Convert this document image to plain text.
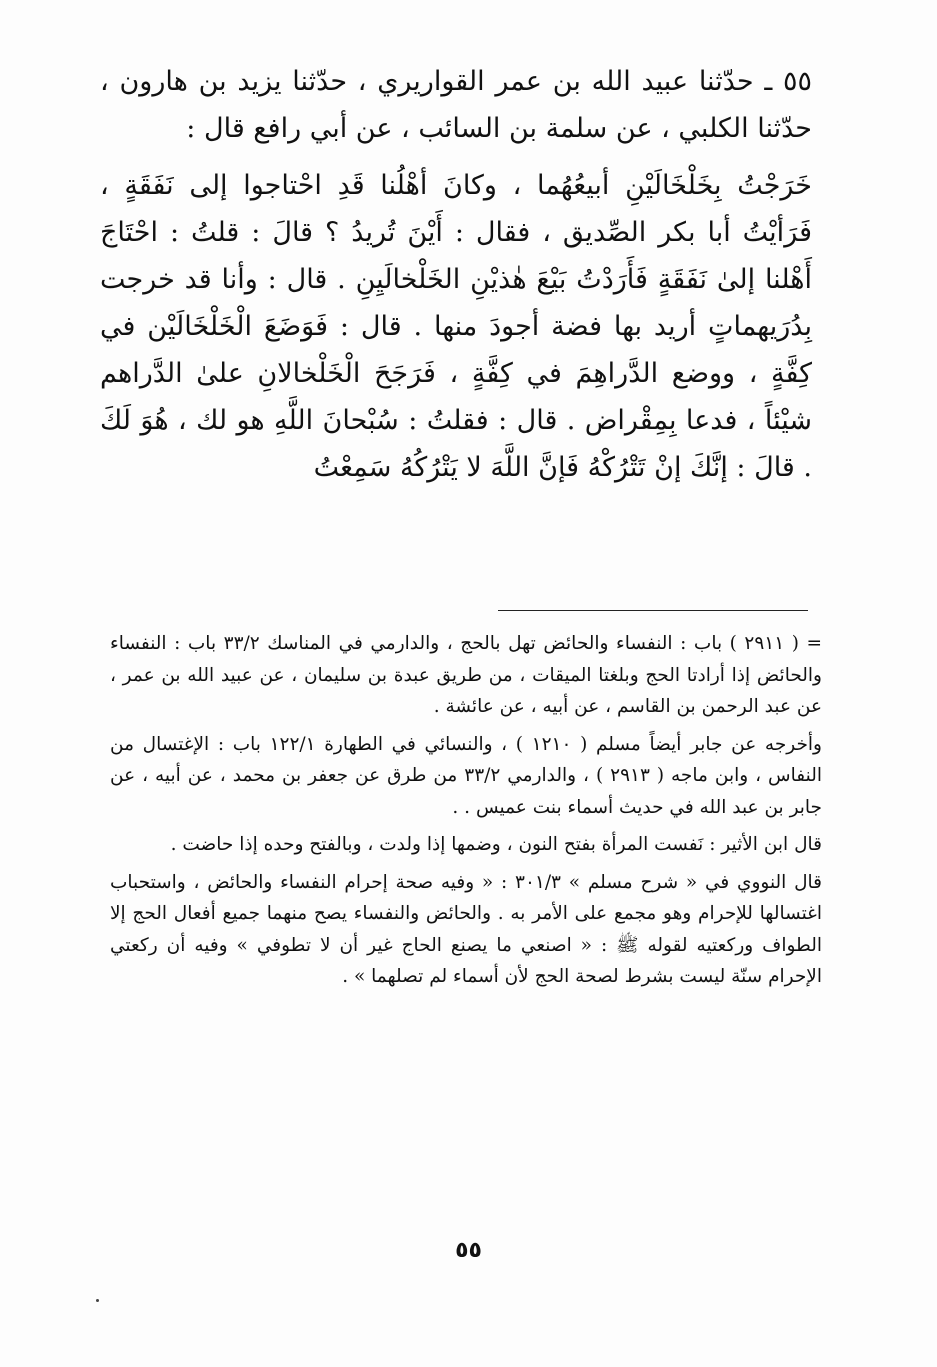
٥٥ ـ حدّثنا عبيد الله بن عمر القواريري ، حدّثنا يزيد بن هارون ، حدّثنا الكلبي ، عن سلمة بن السائب ، عن أبي رافع قال :

خَرَجْتُ بِخَلْخَالَيْنِ أبيعُهُما ، وكانَ أهْلُنا قَدِ احْتاجوا إلى نَفَقَةٍ ، فَرَأيْتُ أبا بكر الصِّديق ، فقال : أَيْنَ تُريدُ ؟ قالَ : قلتُ : احْتَاجَ أَهْلنا إلىٰ نَفَقَةٍ فَأَرَدْتُ بَيْعَ هٰذيْنِ الخَلْخالَيِنِ . قال : وأنا قد خرجت بِدُرَيهماتٍ أريد بها فضة أجودَ منها . قال : فَوَضَعَ الْخَلْخَالَيْن في كِفَّةٍ ، ووضع الدَّراهِمَ في كِفَّةٍ ، فَرَجَحَ الْخَلْخالانِ علىٰ الدَّراهم شيْئاً ، فدعا بِمِقْراض . قال : فقلتُ : سُبْحانَ اللَّهِ هو لك ، هُوَ لَكَ . قالَ : إنَّكَ إنْ تَتْرُكْهُ فَإنَّ اللَّهَ لا يَتْرُكُهُ سَمِعْتُ

= ( ٢٩١١ ) باب : النفساء والحائض تهل بالحج ، والدارمي في المناسك ٣٣/٢ باب : النفساء والحائض إذا أرادتا الحج وبلغتا الميقات ، من طريق عبدة بن سليمان ، عن عبيد الله بن عمر ، عن عبد الرحمن بن القاسم ، عن أبيه ، عن عائشة .

وأخرجه عن جابر أيضاً مسلم ( ١٢١٠ ) ، والنسائي في الطهارة ١٢٢/١ باب : الإغتسال من النفاس ، وابن ماجه ( ٢٩١٣ ) ، والدارمي ٣٣/٢ من طرق عن جعفر بن محمد ، عن أبيه ، عن جابر بن عبد الله في حديث أسماء بنت عميس . .

قال ابن الأثير : نَفست المرأة بفتح النون ، وضمها إذا ولدت ، وبالفتح وحده إذا حاضت .

قال النووي في « شرح مسلم » ٣٠١/٣ : « وفيه صحة إحرام النفساء والحائض ، واستحباب اغتسالها للإحرام وهو مجمع على الأمر به . والحائض والنفساء يصح منهما جميع أفعال الحج إلا الطواف وركعتيه لقوله ﷺ : « اصنعي ما يصنع الحاج غير أن لا تطوفي » وفيه أن ركعتي الإحرام سنّة ليست بشرط لصحة الحج لأن أسماء لم تصلهما » .

٥٥
